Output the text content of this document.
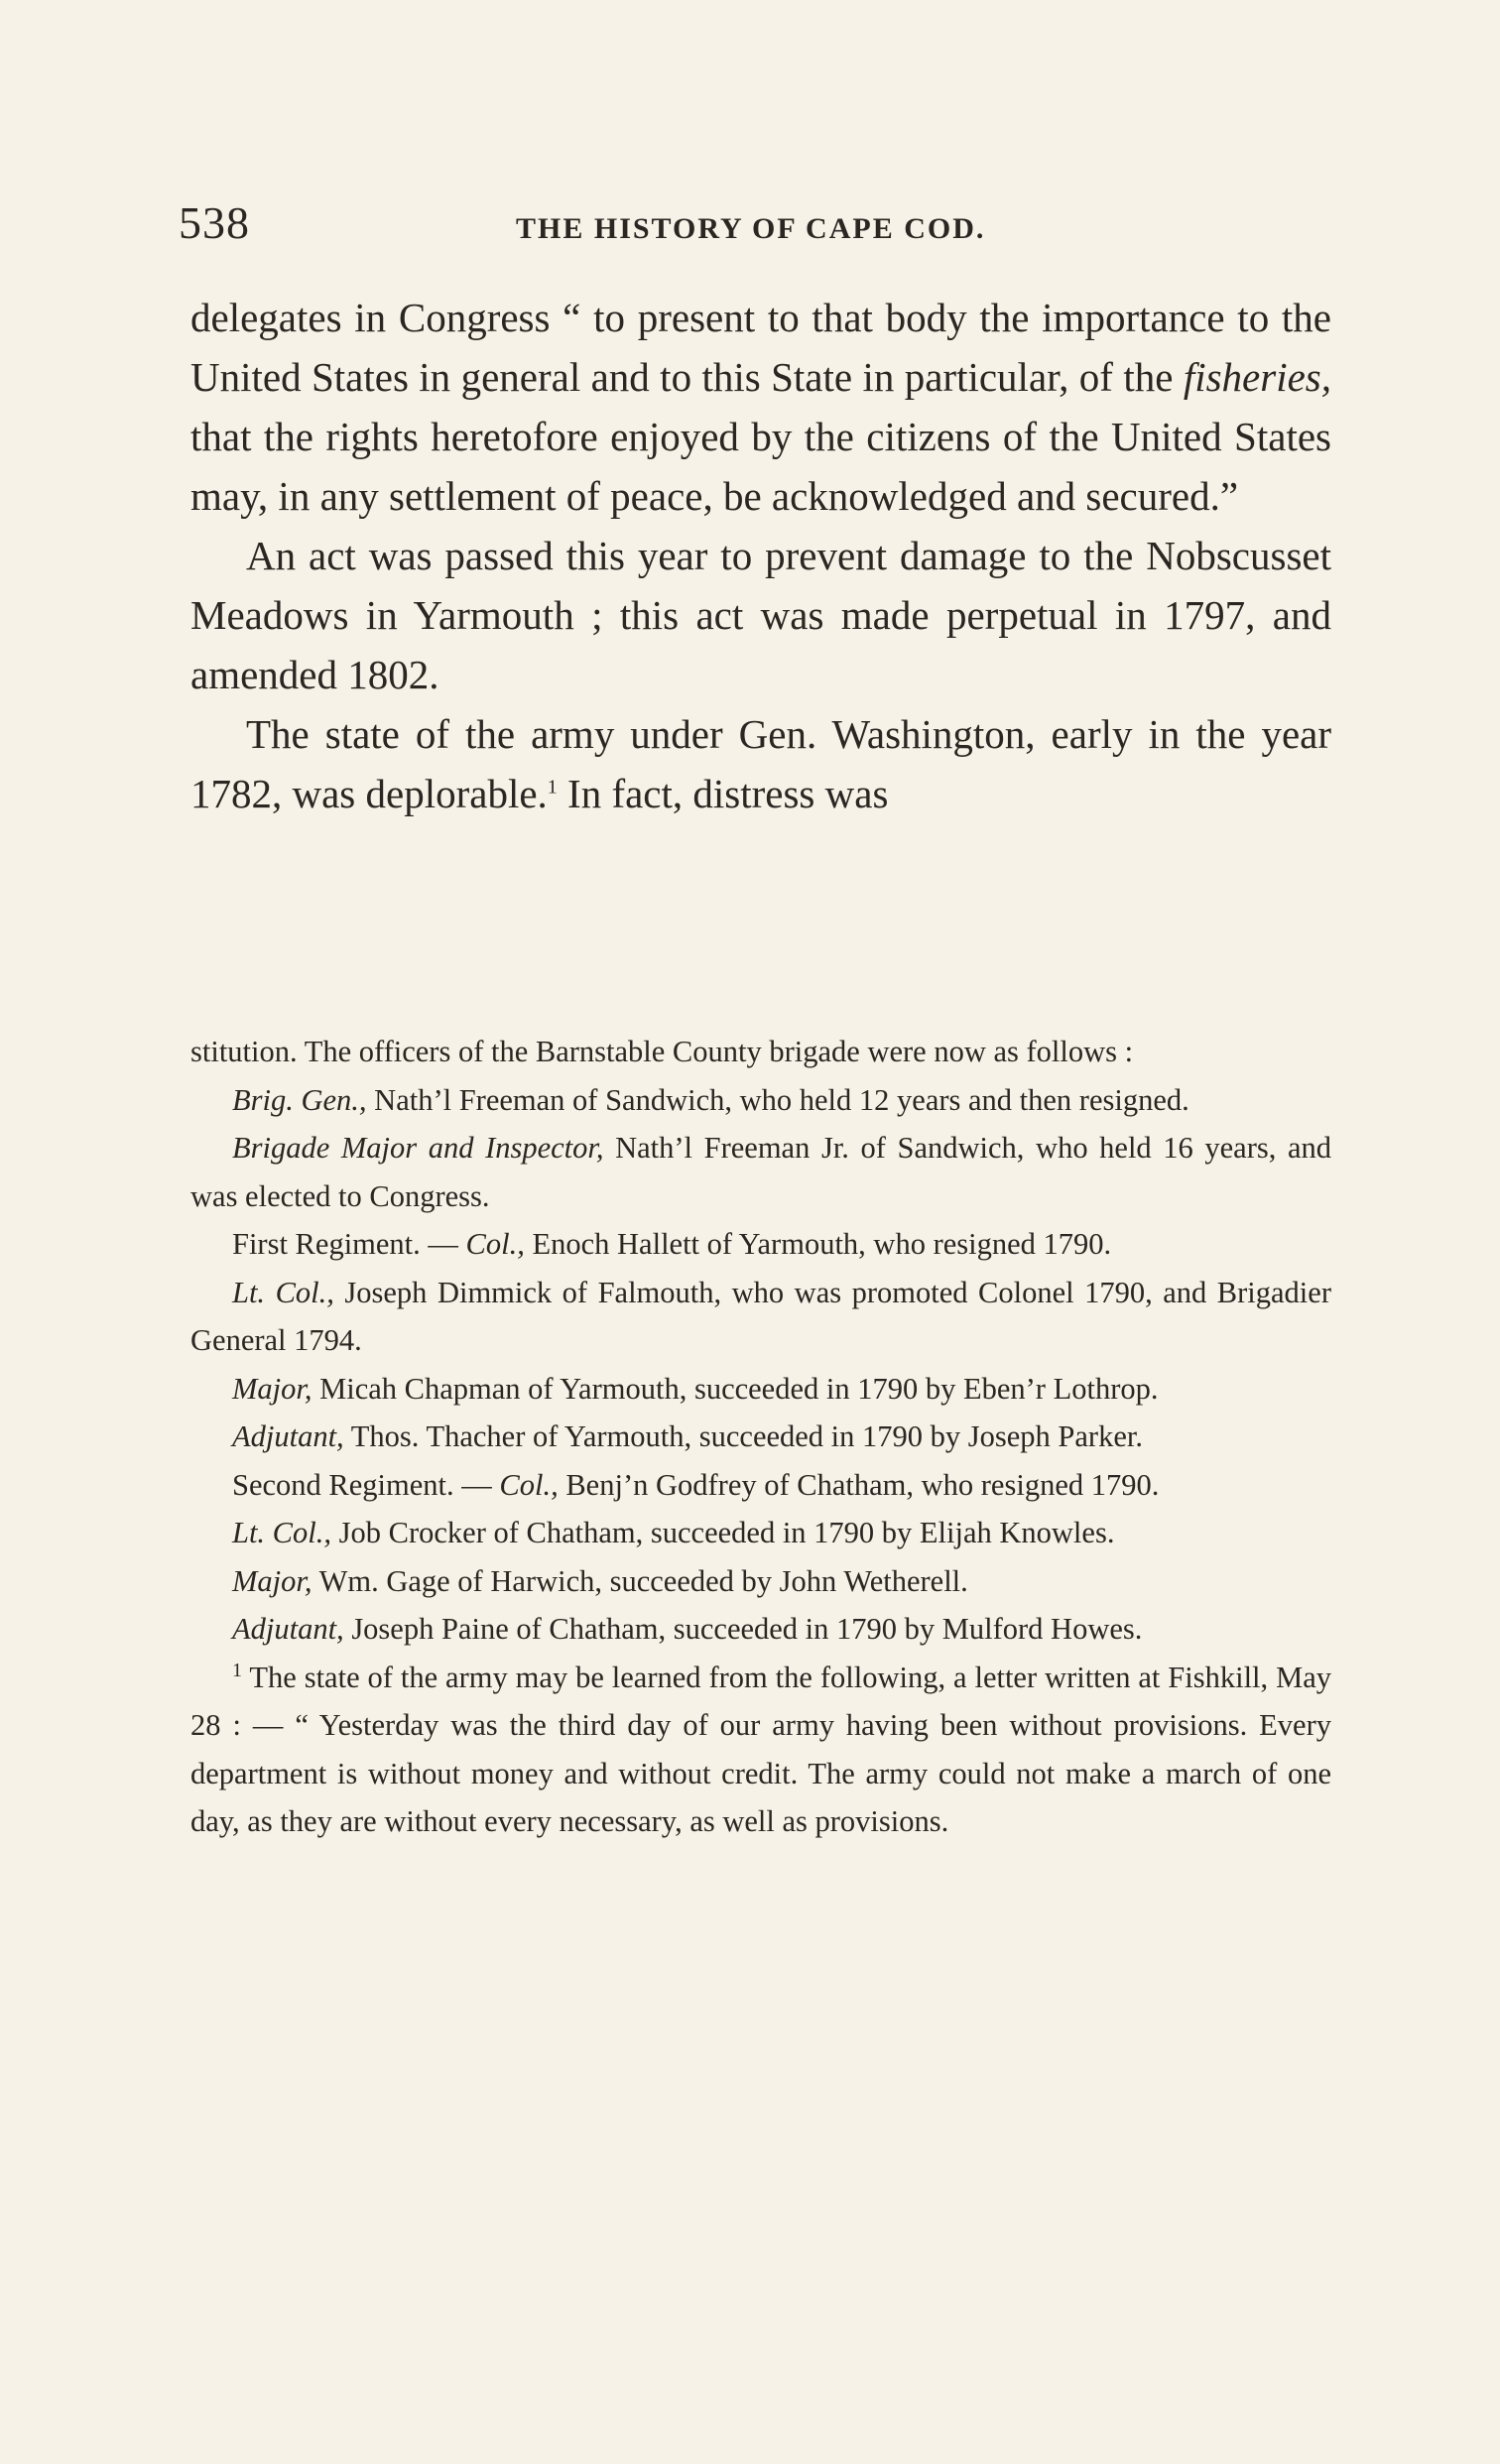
538	THE HISTORY OF CAPE COD.

delegates in Congress “ to present to that body the importance to the United States in general and to this State in particular, of the fisheries, that the rights heretofore enjoyed by the citizens of the United States may, in any settlement of peace, be acknowledged and secured.”

An act was passed this year to prevent damage to the Nobscusset Meadows in Yarmouth ; this act was made perpetual in 1797, and amended 1802.

The state of the army under Gen. Washington, early in the year 1782, was deplorable.$^1$ In fact, distress was

stitution. The officers of the Barnstable County brigade were now as follows :

Brig. Gen., Nath’l Freeman of Sandwich, who held 12 years and then resigned.

Brigade Major and Inspector, Nath’l Freeman Jr. of Sandwich, who held 16 years, and was elected to Congress.

First Regiment. — Col., Enoch Hallett of Yarmouth, who resigned 1790.

Lt. Col., Joseph Dimmick of Falmouth, who was promoted Colonel 1790, and Brigadier General 1794.

Major, Micah Chapman of Yarmouth, succeeded in 1790 by Eben’r Lothrop.

Adjutant, Thos. Thacher of Yarmouth, succeeded in 1790 by Joseph Parker.

Second Regiment. — Col., Benj’n Godfrey of Chatham, who resigned 1790.

Lt. Col., Job Crocker of Chatham, succeeded in 1790 by Elijah Knowles.

Major, Wm. Gage of Harwich, succeeded by John Wetherell.

Adjutant, Joseph Paine of Chatham, succeeded in 1790 by Mulford Howes.

$^1$ The state of the army may be learned from the following, a letter written at Fishkill, May 28 : — “ Yesterday was the third day of our army having been without provisions. Every department is without money and without credit. The army could not make a march of one day, as they are without every necessary, as well as provisions.
